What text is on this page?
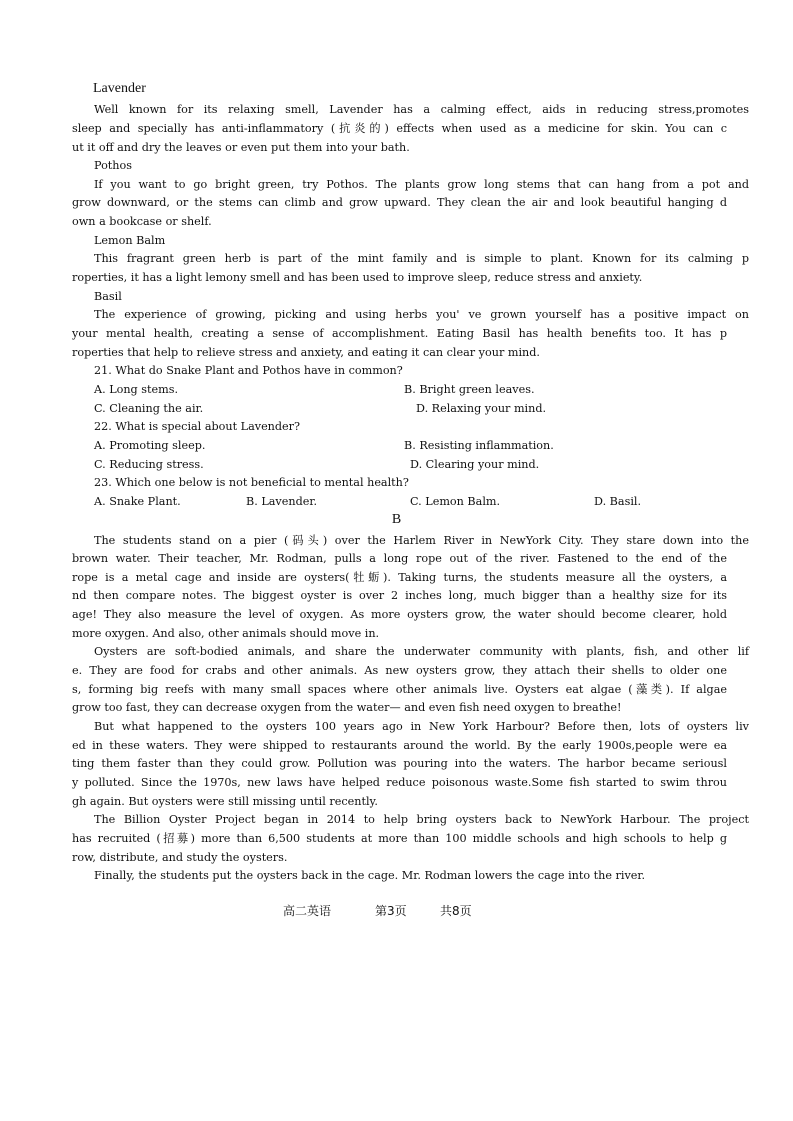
Lavender
Well known for its relaxing smell, Lavender has a calming effect, aids in reducing stress,promotes
sleep and specially has anti-inflammatory (抗炎的) effects when used as a medicine for skin. You can c
ut it off and dry the leaves or even put them into your bath.
Pothos
If you want to go bright green, try Pothos. The plants grow long stems that can hang from a pot and
grow downward, or the stems can climb and grow upward. They clean the air and look beautiful hanging d
own a bookcase or shelf.
Lemon Balm
This fragrant green herb is part of the mint family and is simple to plant. Known for its calming p
roperties, it has a light lemony smell and has been used to improve sleep, reduce stress and anxiety.
Basil
The experience of growing, picking and using herbs you' ve grown yourself has a positive impact on
your mental health, creating a sense of accomplishment. Eating Basil has health benefits too. It has p
roperties that help to relieve stress and anxiety, and eating it can clear your mind.
21. What do Snake Plant and Pothos have in common?
A. Long stems.	B. Bright green leaves.
C. Cleaning the air.	D. Relaxing your mind.
22. What is special about Lavender?
A. Promoting sleep.	B. Resisting inflammation.
C. Reducing stress.	D. Clearing your mind.
23. Which one below is not beneficial to mental health?
A. Snake Plant.	B. Lavender.	C. Lemon Balm.	D. Basil.
B
The students stand on a pier (码头) over the Harlem River in NewYork City. They stare down into the
brown water. Their teacher, Mr. Rodman, pulls a long rope out of the river. Fastened to the end of the
rope is a metal cage and inside are oysters(牡蛎). Taking turns, the students measure all the oysters, a
nd then compare notes. The biggest oyster is over 2 inches long, much bigger than a healthy size for its
age! They also measure the level of oxygen. As more oysters grow, the water should become clearer, hold
more oxygen. And also, other animals should move in.
Oysters are soft-bodied animals, and share the underwater community with plants, fish, and other lif
e. They are food for crabs and other animals. As new oysters grow, they attach their shells to older one
s, forming big reefs with many small spaces where other animals live. Oysters eat algae (藻类). If algae
grow too fast, they can decrease oxygen from the water— and even fish need oxygen to breathe!
But what happened to the oysters 100 years ago in New York Harbour? Before then, lots of oysters liv
ed in these waters. They were shipped to restaurants around the world. By the early 1900s,people were ea
ting them faster than they could grow. Pollution was pouring into the waters. The harbor became seriousl
y polluted. Since the 1970s, new laws have helped reduce poisonous waste.Some fish started to swim throu
gh again. But oysters were still missing until recently.
The Billion Oyster Project began in 2014 to help bring oysters back to NewYork Harbour. The project
has recruited (招募) more than 6,500 students at more than 100 middle schools and high schools to help g
row, distribute, and study the oysters.
Finally, the students put the oysters back in the cage. Mr. Rodman lowers the cage into the river.
高二英语	第3页	共8页
